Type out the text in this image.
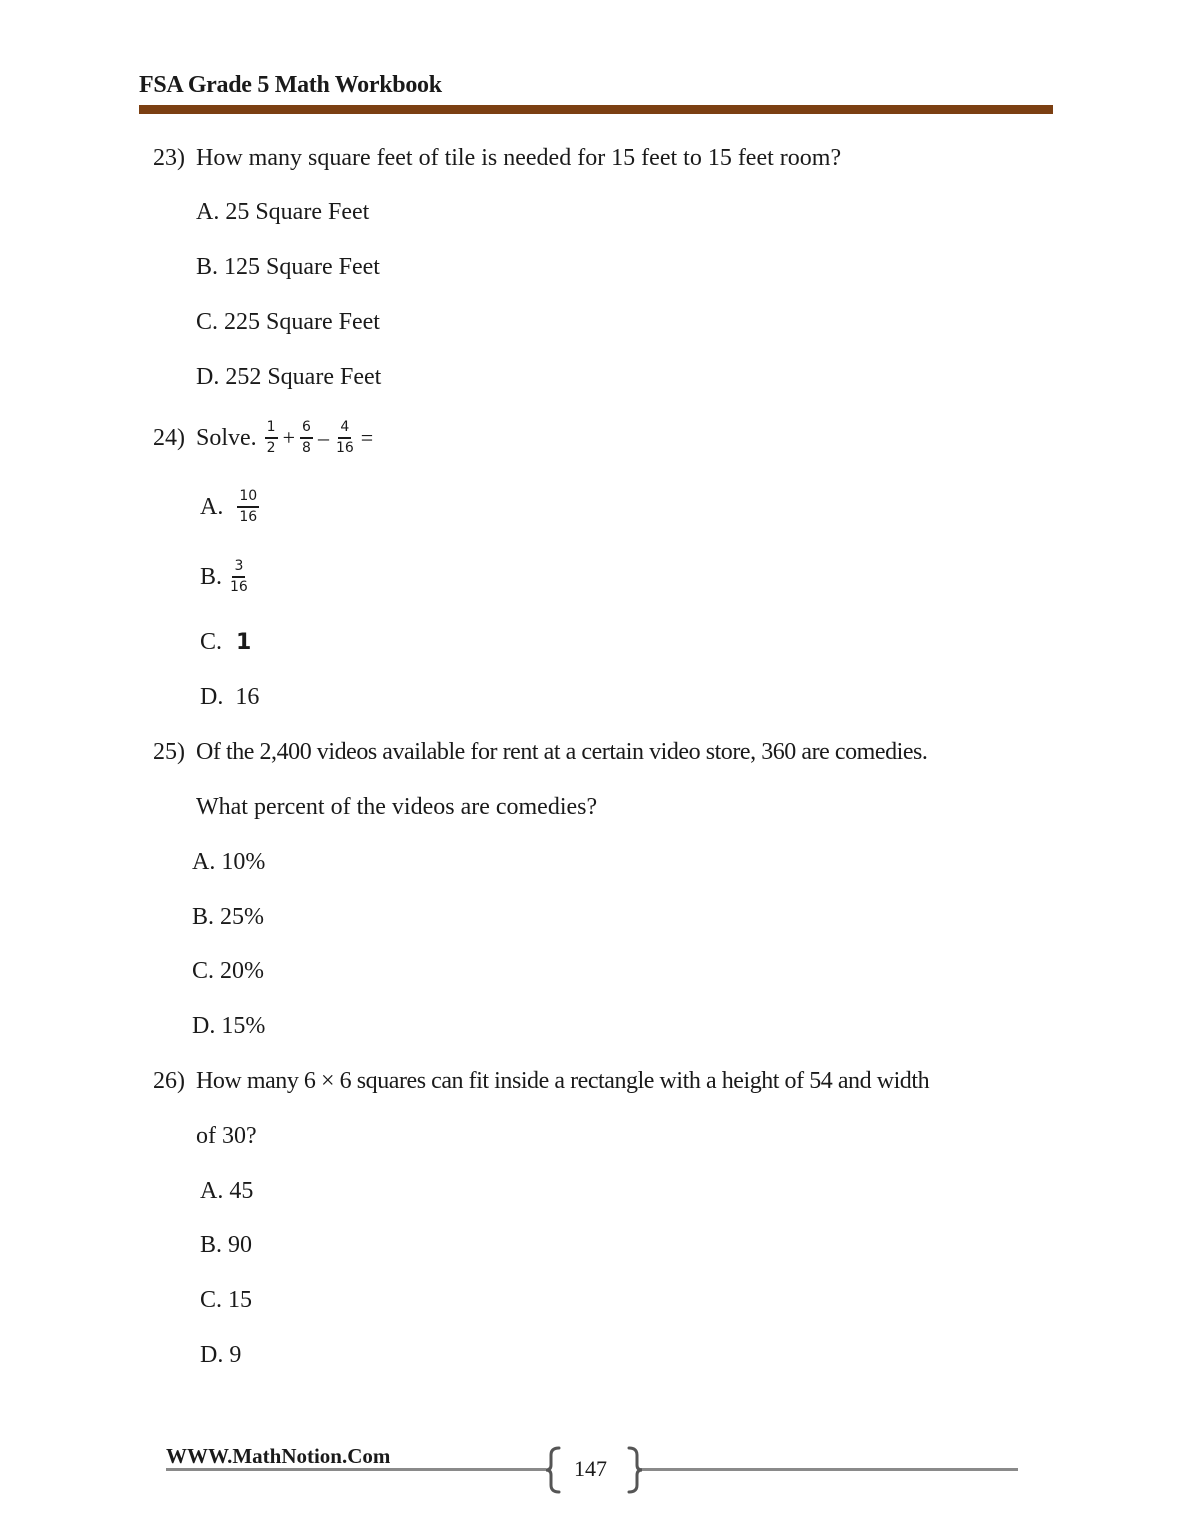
FSA Grade 5 Math Workbook
23) How many square feet of tile is needed for 15 feet to 15 feet room?
A. 25 Square Feet
B. 125 Square Feet
C. 225 Square Feet
D. 252 Square Feet
24) Solve. $\frac{1}{2} + \frac{6}{8} - \frac{4}{16}$ =
A. $\frac{10}{16}$
B. $\frac{3}{16}$
C. 1
D. 16
25) Of the 2,400 videos available for rent at a certain video store, 360 are comedies.
What percent of the videos are comedies?
A. 10%
B. 25%
C. 20%
D. 15%
26) How many 6 × 6 squares can fit inside a rectangle with a height of 54 and width
of 30?
A. 45
B. 90
C. 15
D. 9
WWW.MathNotion.Com	147
